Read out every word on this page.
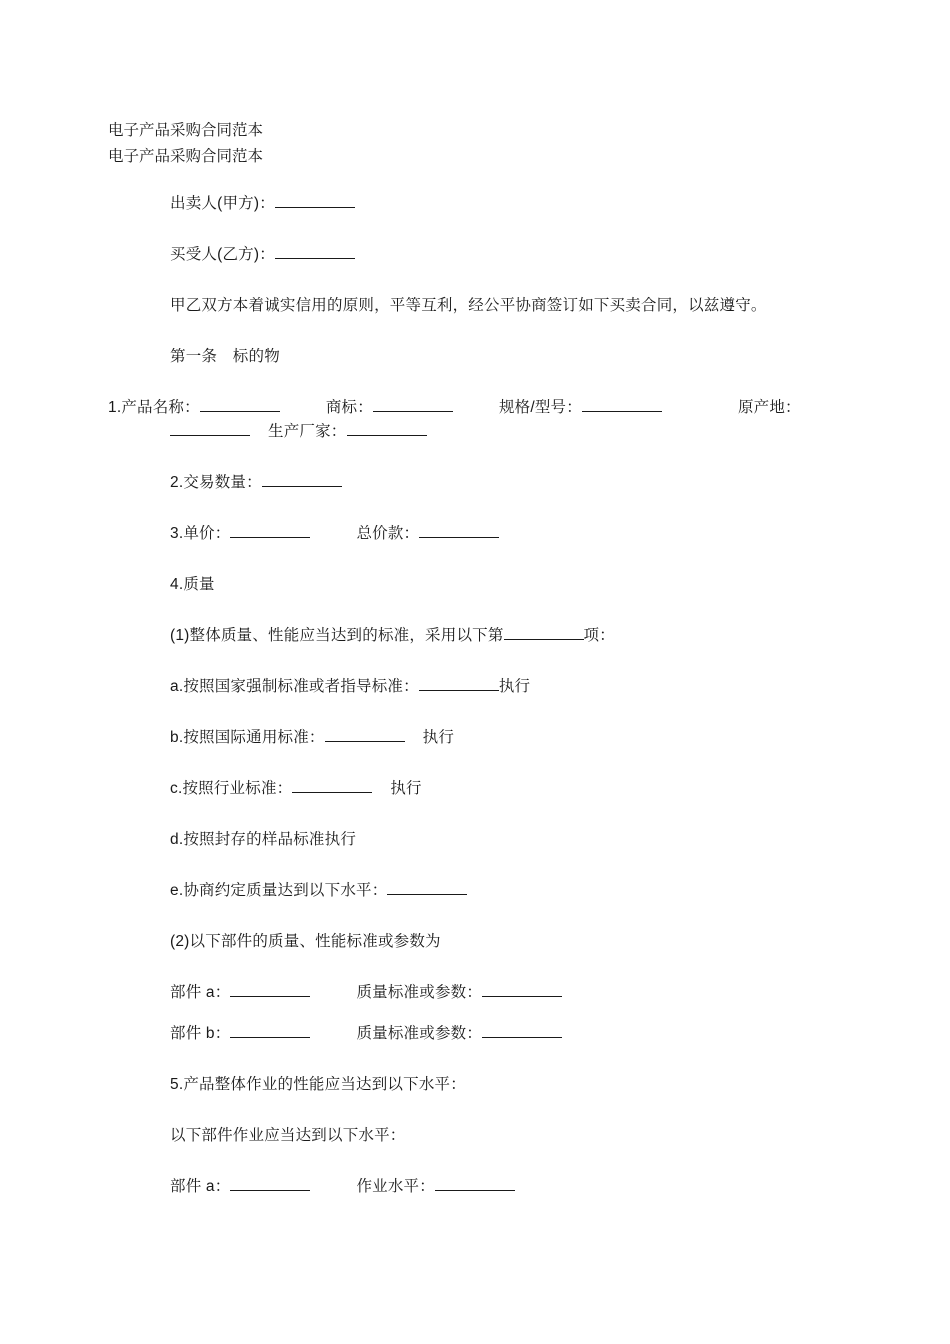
电子产品采购合同范本
电子产品采购合同范本

出卖人(甲方)：

买受人(乙方)：

甲乙双方本着诚实信用的原则，平等互利，经公平协商签订如下买卖合同，以兹遵守。

第一条　标的物

1.产品名称：	商标：	规格/型号：	原产地：生产厂家：

2.交易数量：

3.单价：	总价款：

4.质量

(1)整体质量、性能应当达到的标准，采用以下第	项：

a.按照国家强制标准或者指导标准：	执行

b.按照国际通用标准：	执行

c.按照行业标准：	执行

d.按照封存的样品标准执行

e.协商约定质量达到以下水平：

(2)以下部件的质量、性能标准或参数为

部件 a：	质量标准或参数：

部件 b：	质量标准或参数：

5.产品整体作业的性能应当达到以下水平：

以下部件作业应当达到以下水平：

部件 a：	作业水平：
